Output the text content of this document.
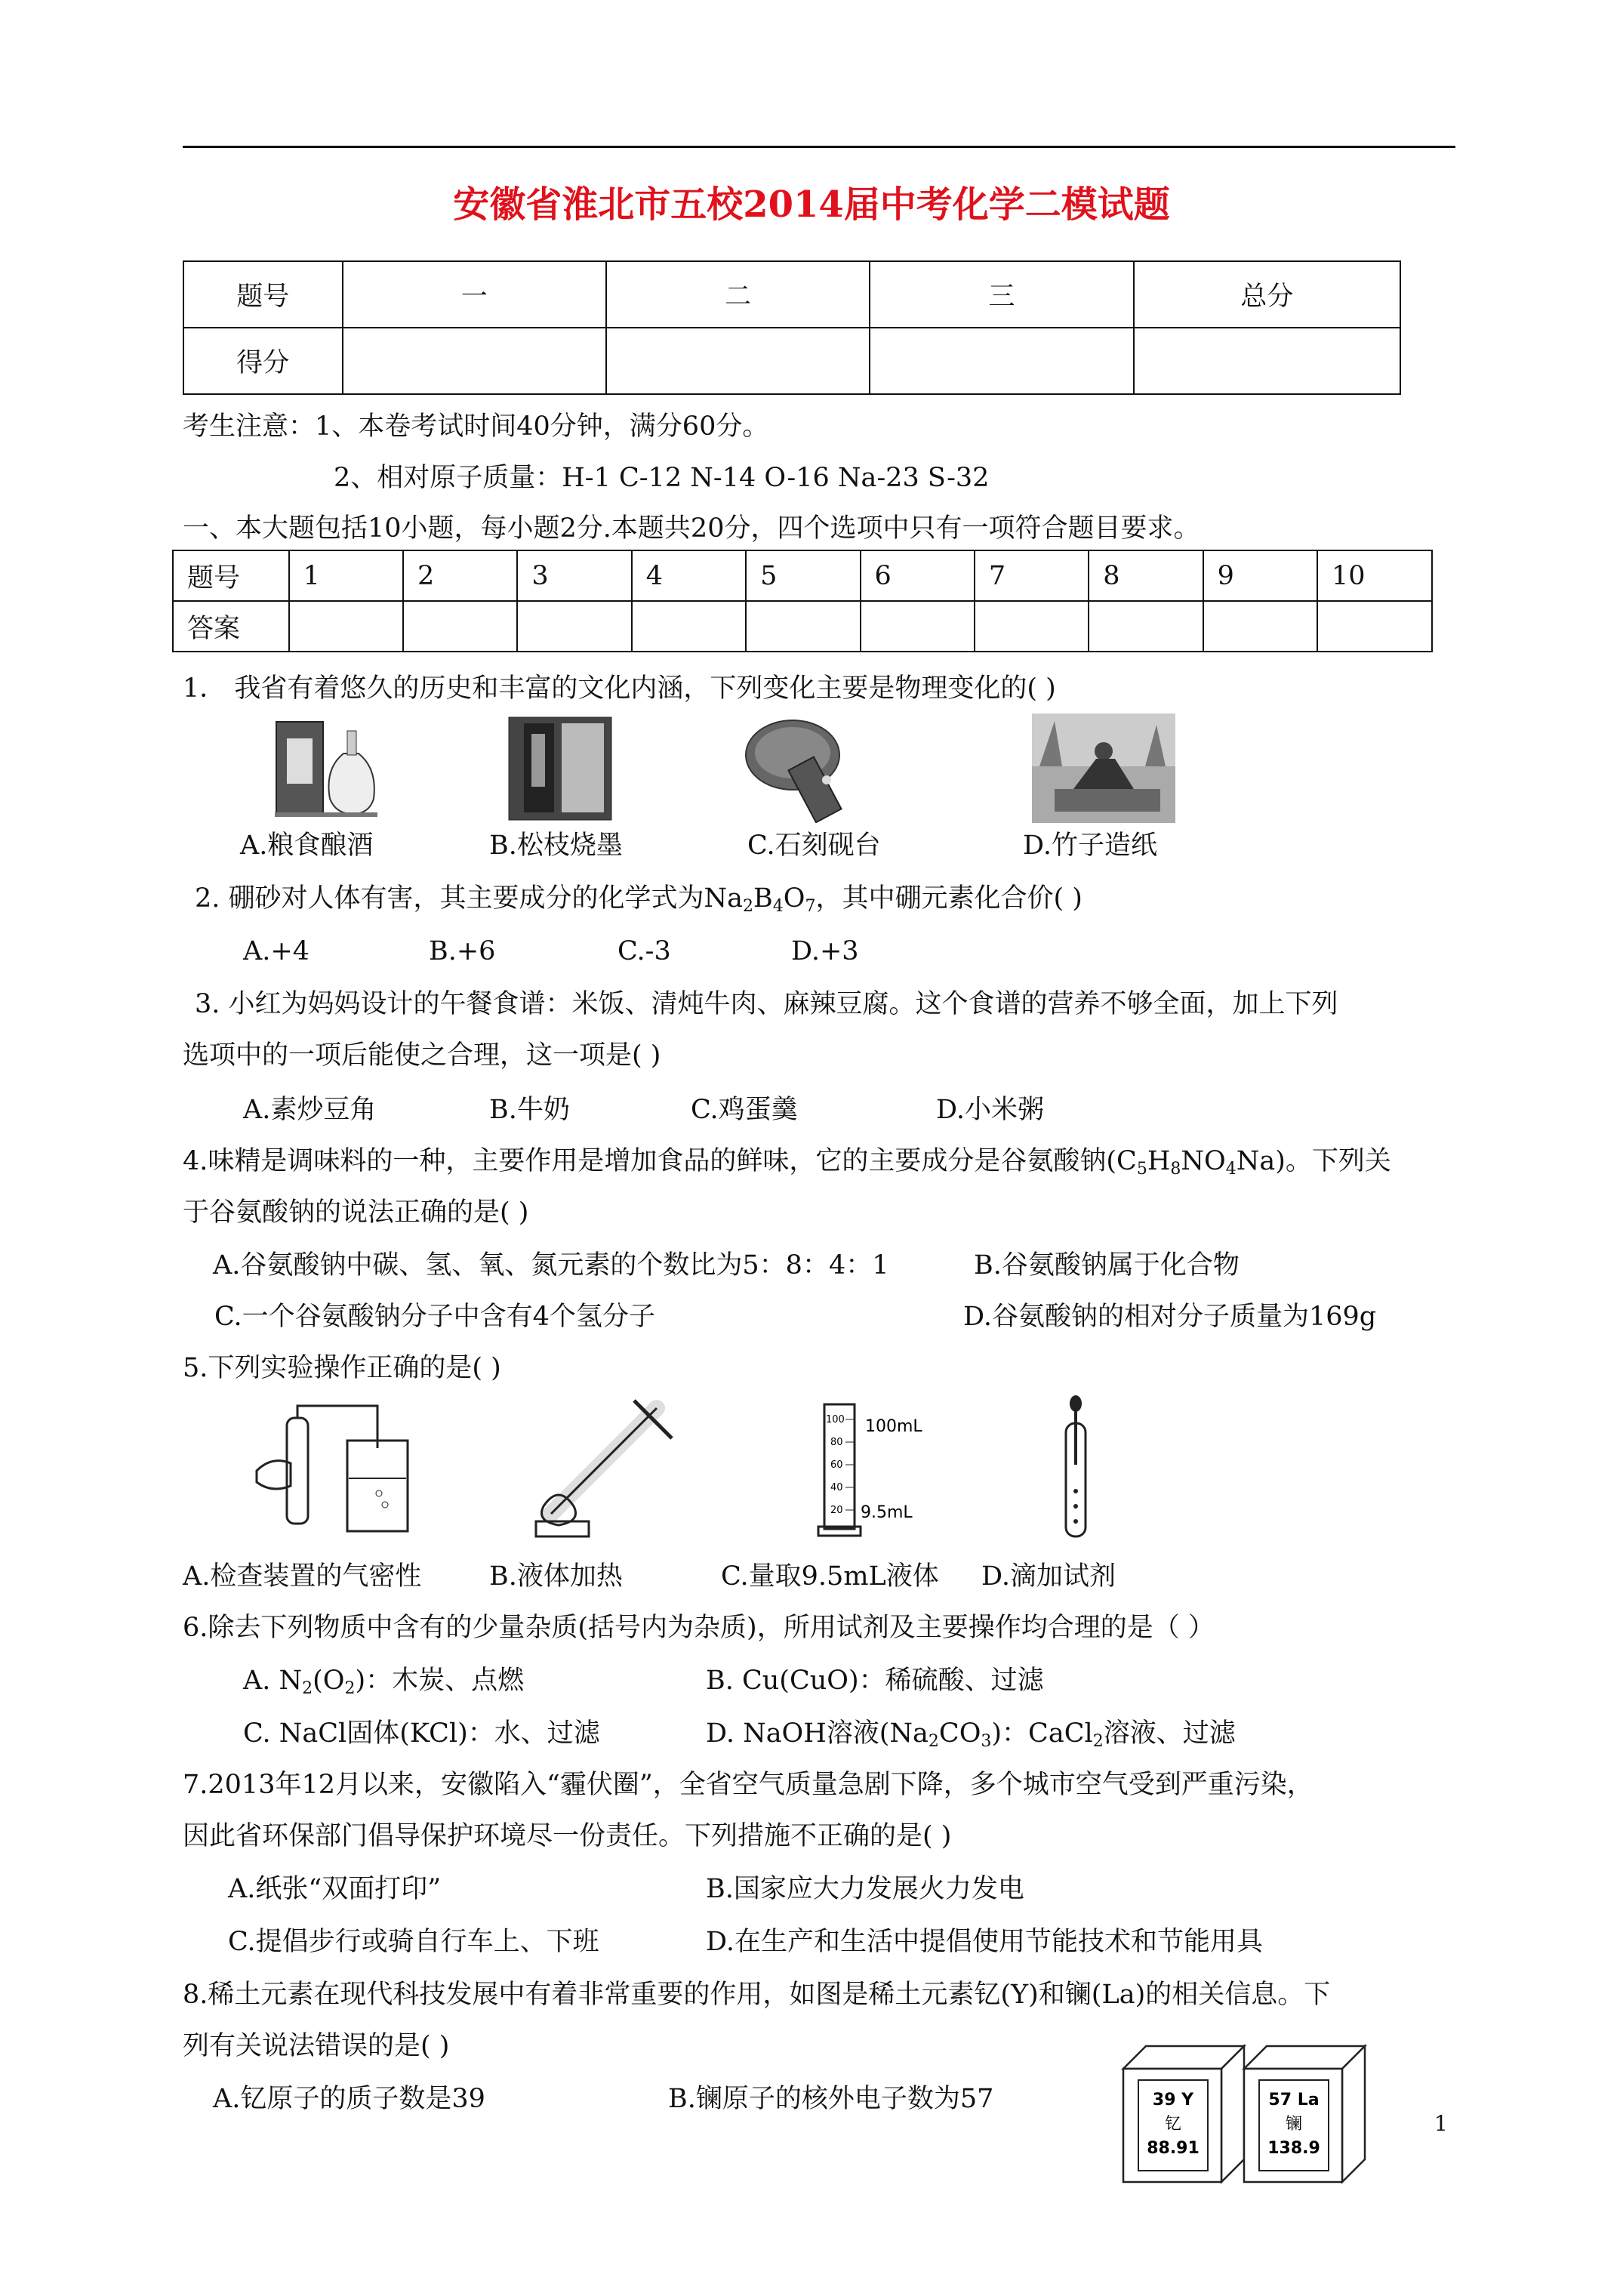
安徽省淮北市五校2014届中考化学二模试题
题号	一	二	三	总分
得分				
考生注意：1、本卷考试时间40分钟，满分60分。
2、相对原子质量：H-1 C-12 N-14 O-16 Na-23 S-32
一、本大题包括10小题，每小题2分.本题共20分，四个选项中只有一项符合题目要求。
题号	1	2	3	4	5	6	7	8	9	10
答案										
1． 我省有着悠久的历史和丰富的文化内涵，下列变化主要是物理变化的( )
A.粮食酿酒	B.松枝烧墨	C.石刻砚台	D.竹子造纸
2. 硼砂对人体有害，其主要成分的化学式为$Na_2B_4O_7$，其中硼元素化合价( )
A.+4	B.+6	C.-3	D.+3
3. 小红为妈妈设计的午餐食谱：米饭、清炖牛肉、麻辣豆腐。这个食谱的营养不够全面，加上下列
选项中的一项后能使之合理，这一项是( )
A.素炒豆角	B.牛奶	C.鸡蛋羹	D.小米粥
4.味精是调味料的一种，主要作用是增加食品的鲜味，它的主要成分是谷氨酸钠$(C_5H_8NO_4Na)$。下列关
于谷氨酸钠的说法正确的是( )
A.谷氨酸钠中碳、氢、氧、氮元素的个数比为5：8：4：1	B.谷氨酸钠属于化合物
C.一个谷氨酸钠分子中含有4个氢分子	D.谷氨酸钠的相对分子质量为169g
5.下列实验操作正确的是( )
100
80
60
40
20
100mL
9.5mL
A.检查装置的气密性	B.液体加热	C.量取9.5mL液体 D.滴加试剂
6.除去下列物质中含有的少量杂质(括号内为杂质)，所用试剂及主要操作均合理的是（ ）
A. $N_2(O_2)$：木炭、点燃	B. Cu(CuO)：稀硫酸、过滤
C. NaCl固体(KCl)：水、过滤	D. NaOH溶液$(Na_2CO_3)$：CaCl$_2$溶液、过滤
7.2013年12月以来，安徽陷入“霾伏圈”，全省空气质量急剧下降，多个城市空气受到严重污染，
因此省环保部门倡导保护环境尽一份责任。下列措施不正确的是( )
A.纸张“双面打印”	B.国家应大力发展火力发电
C.提倡步行或骑自行车上、下班	D.在生产和生活中提倡使用节能技术和节能用具
8.稀土元素在现代科技发展中有着非常重要的作用，如图是稀土元素钇(Y)和镧(La)的相关信息。下
列有关说法错误的是( )
A.钇原子的质子数是39	B.镧原子的核外电子数为57	39 Y
钇
88.91
57 La
镧
138.9
1
